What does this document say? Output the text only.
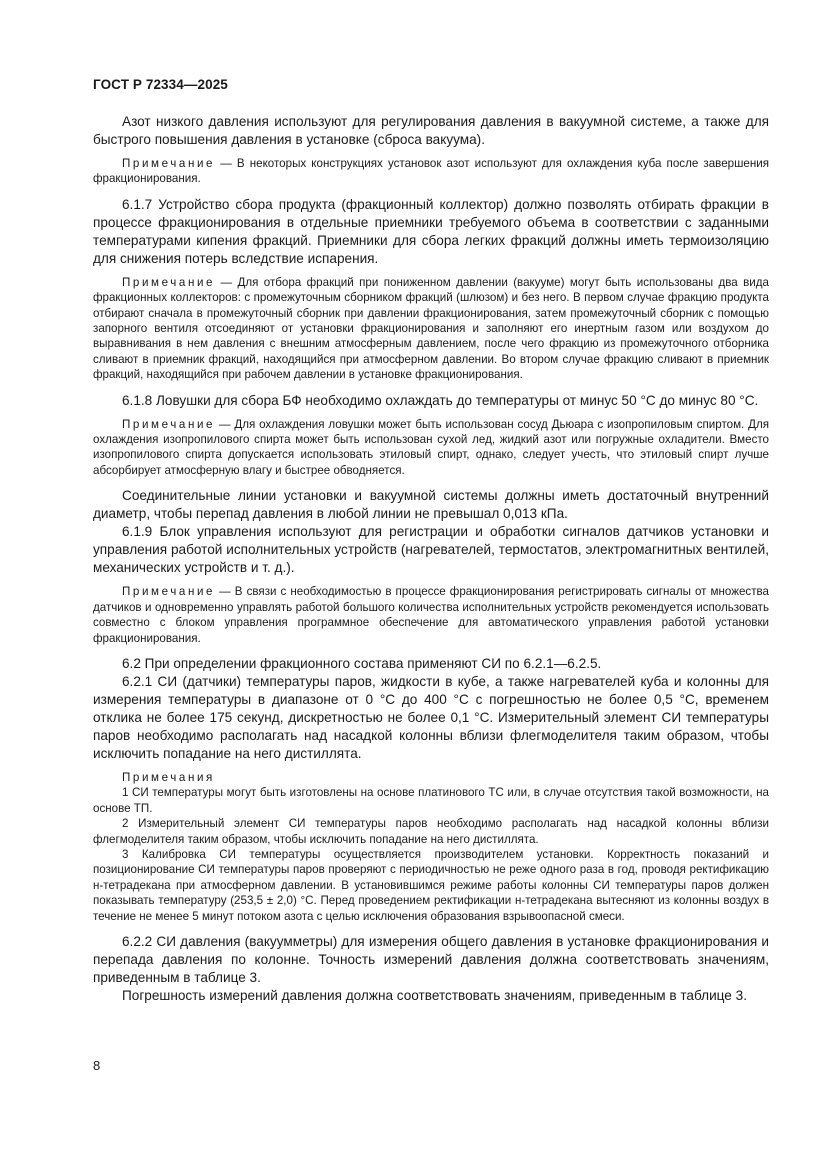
ГОСТ Р 72334—2025

Азот низкого давления используют для регулирования давления в вакуумной системе, а также для быстрого повышения давления в установке (сброса вакуума).

Примечание — В некоторых конструкциях установок азот используют для охлаждения куба после завершения фракционирования.

6.1.7 Устройство сбора продукта (фракционный коллектор) должно позволять отбирать фракции в процессе фракционирования в отдельные приемники требуемого объема в соответствии с заданными температурами кипения фракций. Приемники для сбора легких фракций должны иметь термоизоляцию для снижения потерь вследствие испарения.

Примечание — Для отбора фракций при пониженном давлении (вакууме) могут быть использованы два вида фракционных коллекторов: с промежуточным сборником фракций (шлюзом) и без него. В первом случае фракцию продукта отбирают сначала в промежуточный сборник при давлении фракционирования, затем промежуточный сборник с помощью запорного вентиля отсоединяют от установки фракционирования и заполняют его инертным газом или воздухом до выравнивания в нем давления с внешним атмосферным давлением, после чего фракцию из промежуточного отборника сливают в приемник фракций, находящийся при атмосферном давлении. Во втором случае фракцию сливают в приемник фракций, находящийся при рабочем давлении в установке фракционирования.

6.1.8 Ловушки для сбора БФ необходимо охлаждать до температуры от минус 50 °С до минус 80 °С.

Примечание — Для охлаждения ловушки может быть использован сосуд Дьюара с изопропиловым спиртом. Для охлаждения изопропилового спирта может быть использован сухой лед, жидкий азот или погружные охладители. Вместо изопропилового спирта допускается использовать этиловый спирт, однако, следует учесть, что этиловый спирт лучше абсорбирует атмосферную влагу и быстрее обводняется.

Соединительные линии установки и вакуумной системы должны иметь достаточный внутренний диаметр, чтобы перепад давления в любой линии не превышал 0,013 кПа.

6.1.9 Блок управления используют для регистрации и обработки сигналов датчиков установки и управления работой исполнительных устройств (нагревателей, термостатов, электромагнитных вентилей, механических устройств и т. д.).

Примечание — В связи с необходимостью в процессе фракционирования регистрировать сигналы от множества датчиков и одновременно управлять работой большого количества исполнительных устройств рекомендуется использовать совместно с блоком управления программное обеспечение для автоматического управления работой установки фракционирования.

6.2 При определении фракционного состава применяют СИ по 6.2.1—6.2.5.

6.2.1 СИ (датчики) температуры паров, жидкости в кубе, а также нагревателей куба и колонны для измерения температуры в диапазоне от 0 °С до 400 °С с погрешностью не более 0,5 °С, временем отклика не более 175 секунд, дискретностью не более 0,1 °С. Измерительный элемент СИ температуры паров необходимо располагать над насадкой колонны вблизи флегмоделителя таким образом, чтобы исключить попадание на него дистиллята.

Примечания

1 СИ температуры могут быть изготовлены на основе платинового ТС или, в случае отсутствия такой возможности, на основе ТП.

2 Измерительный элемент СИ температуры паров необходимо располагать над насадкой колонны вблизи флегмоделителя таким образом, чтобы исключить попадание на него дистиллята.

3 Калибровка СИ температуры осуществляется производителем установки. Корректность показаний и позиционирование СИ температуры паров проверяют с периодичностью не реже одного раза в год, проводя ректификацию н-тетрадекана при атмосферном давлении. В установившимся режиме работы колонны СИ температуры паров должен показывать температуру (253,5 ± 2,0) °С. Перед проведением ректификации н-тетрадекана вытесняют из колонны воздух в течение не менее 5 минут потоком азота с целью исключения образования взрывоопасной смеси.

6.2.2 СИ давления (вакуумметры) для измерения общего давления в установке фракционирования и перепада давления по колонне. Точность измерений давления должна соответствовать значениям, приведенным в таблице 3.

Погрешность измерений давления должна соответствовать значениям, приведенным в таблице 3.

8
